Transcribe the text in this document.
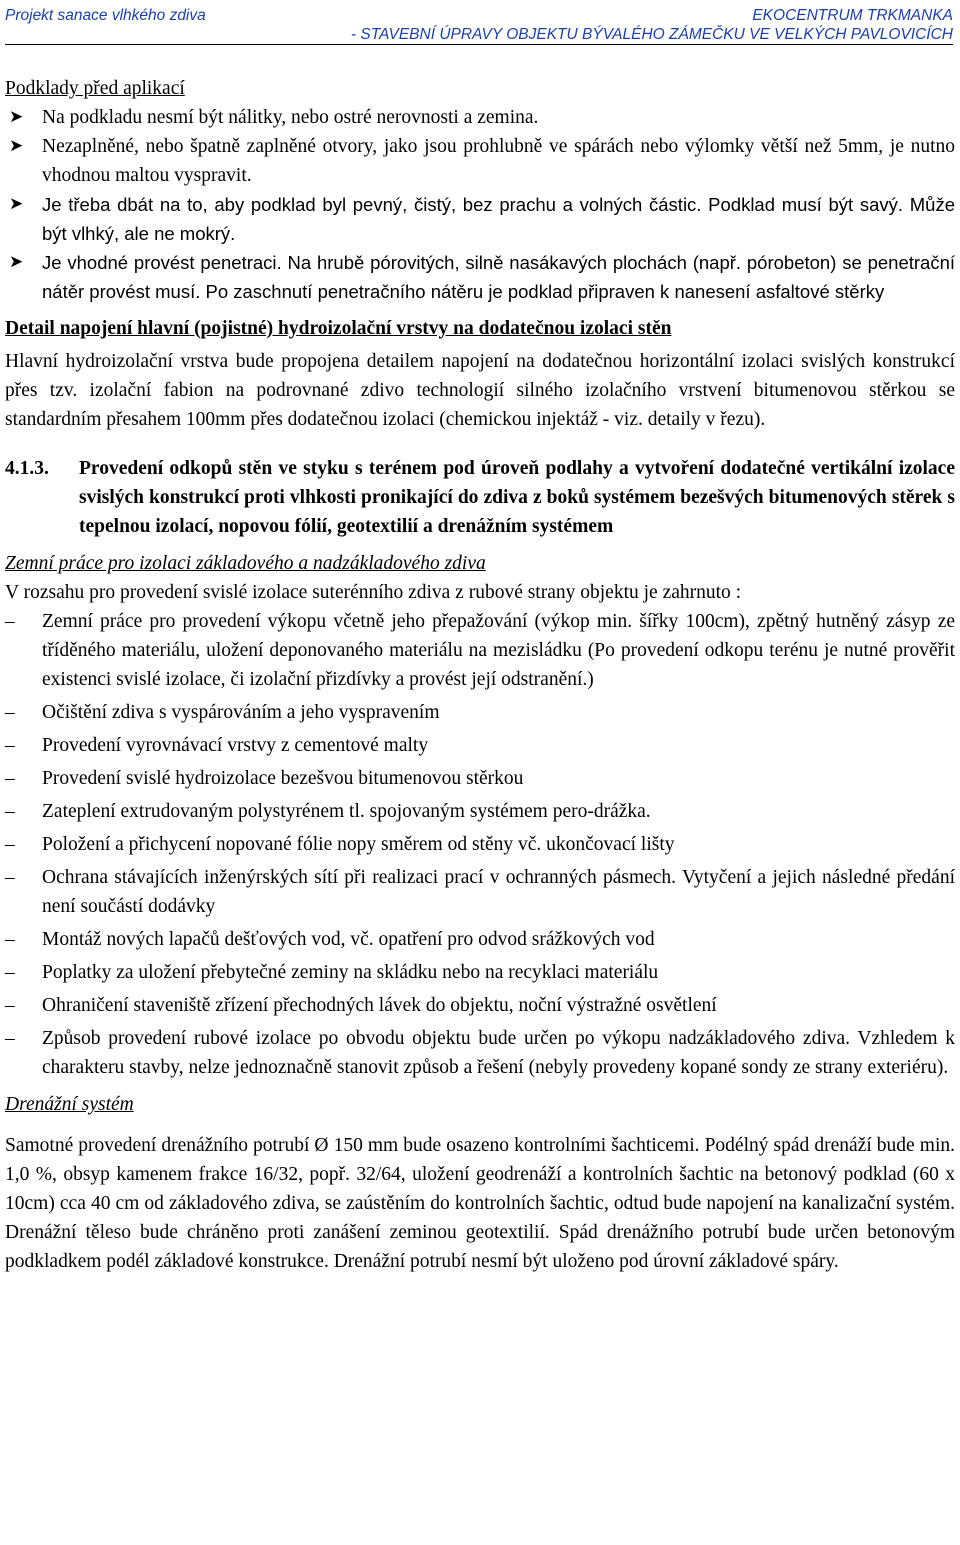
Projekt sanace vlhkého zdiva	EKOCENTRUM TRKMANKA
- STAVEBNÍ ÚPRAVY OBJEKTU BÝVALÉHO ZÁMEČKU VE VELKÝCH PAVLOVICÍCH
Podklady před aplikací
➤ Na podkladu nesmí být nálitky, nebo ostré nerovnosti a zemina.
➤ Nezaplněné, nebo špatně zaplněné otvory, jako jsou prohlubně ve spárách nebo výlomky větší než 5mm, je nutno vhodnou maltou vyspravit.
➤ Je třeba dbát na to, aby podklad byl pevný, čistý, bez prachu a volných částic. Podklad musí být savý. Může být vlhký, ale ne mokrý.
➤ Je vhodné provést penetraci. Na hrubě pórovitých, silně nasákavých plochách (např. pórobeton) se penetrační nátěr provést musí. Po zaschnutí penetračního nátěru je podklad připraven k nanesení asfaltové stěrky
Detail napojení hlavní (pojistné) hydroizolační vrstvy na dodatečnou izolaci stěn

Hlavní hydroizolační vrstva bude propojena detailem napojení na dodatečnou horizontální izolaci svislých konstrukcí přes tzv. izolační fabion na podrovnané zdivo technologií silného izolačního vrstvení bitumenovou stěrkou se standardním přesahem 100mm přes dodatečnou izolaci (chemickou injektáž - viz. detaily v řezu).

4.1.3. Provedení odkopů stěn ve styku s terénem pod úroveň podlahy a vytvoření dodatečné vertikální izolace svislých konstrukcí proti vlhkosti pronikající do zdiva z boků systémem bezešvých bitumenových stěrek s tepelnou izolací, nopovou fólií, geotextilií a drenážním systémem
Zemní práce pro izolaci základového a nadzákladového zdiva

V rozsahu pro provedení svislé izolace suterénního zdiva z rubové strany objektu je zahrnuto :

– Zemní práce pro provedení výkopu včetně jeho přepažování (výkop min. šířky 100cm), zpětný hutněný zásyp ze tříděného materiálu, uložení deponovaného materiálu na mezisládku (Po provedení odkopu terénu je nutné prověřit existenci svislé izolace, či izolační přizdívky a provést její odstranění.)
– Očištění zdiva s vyspárováním a jeho vyspravením
– Provedení vyrovnávací vrstvy z cementové malty
– Provedení svislé hydroizolace bezešvou bitumenovou stěrkou
– Zateplení extrudovaným polystyrénem tl. spojovaným systémem pero-drážka.
– Položení a přichycení nopované fólie nopy směrem od stěny vč. ukončovací lišty
– Ochrana stávajících inženýrských sítí při realizaci prací v ochranných pásmech. Vytyčení a jejich následné předání není součástí dodávky
– Montáž nových lapačů dešťových vod, vč. opatření pro odvod srážkových vod
– Poplatky za uložení přebytečné zeminy na skládku nebo na recyklaci materiálu
– Ohraničení staveniště zřízení přechodných lávek do objektu, noční výstražné osvětlení
– Způsob provedení rubové izolace po obvodu objektu bude určen po výkopu nadzákladového zdiva. Vzhledem k charakteru stavby, nelze jednoznačně stanovit způsob a řešení (nebyly provedeny kopané sondy ze strany exteriéru).
Drenážní systém

Samotné provedení drenážního potrubí Ø 150 mm bude osazeno kontrolními šachticemi. Podélný spád drenáží bude min. 1,0 %, obsyp kamenem frakce 16/32, popř. 32/64, uložení geodrenáží a kontrolních šachtic na betonový podklad (60 x 10cm) cca 40 cm od základového zdiva, se zaústěním do kontrolních šachtic, odtud bude napojení na kanalizační systém. Drenážní těleso bude chráněno proti zanášení zeminou geotextilií. Spád drenážního potrubí bude určen betonovým podkladkem podél základové konstrukce. Drenážní potrubí nesmí být uloženo pod úrovní základové spáry.
